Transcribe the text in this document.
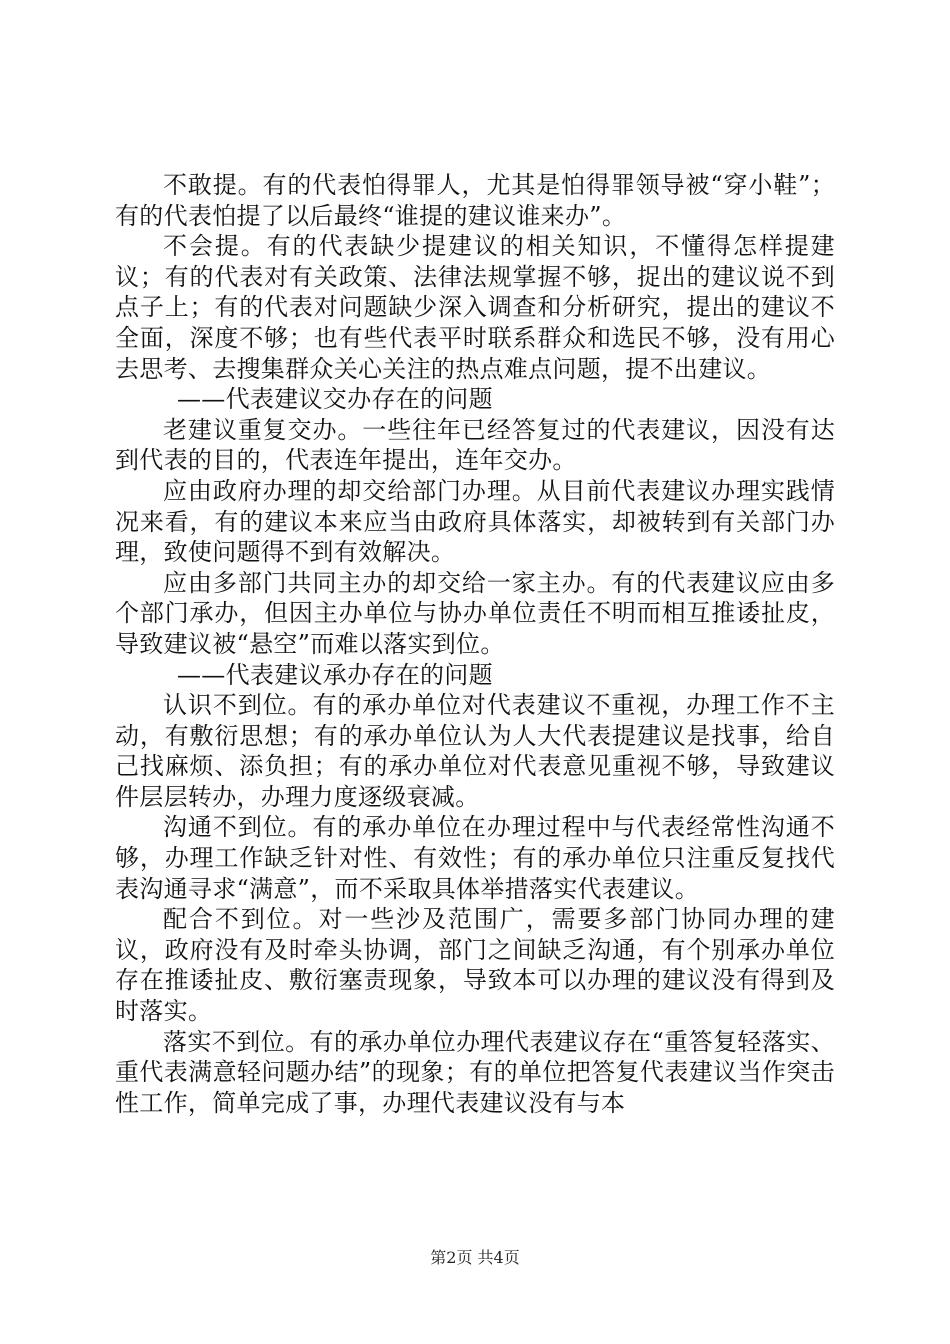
不敢提。有的代表怕得罪人，尤其是怕得罪领导被“穿小鞋”；有的代表怕提了以后最终“谁提的建议谁来办”。

不会提。有的代表缺少提建议的相关知识，不懂得怎样提建议；有的代表对有关政策、法律法规掌握不够，捉出的建议说不到点子上；有的代表对问题缺少深入调查和分析研究，提出的建议不全面，深度不够；也有些代表平时联系群众和选民不够，没有用心去思考、去搜集群众关心关注的热点难点问题，提不出建议。

——代表建议交办存在的问题

老建议重复交办。一些往年已经答复过的代表建议，因没有达到代表的目的，代表连年提出，连年交办。

应由政府办理的却交给部门办理。从目前代表建议办理实践情况来看，有的建议本来应当由政府具体落实，却被转到有关部门办理，致使问题得不到有效解决。

应由多部门共同主办的却交给一家主办。有的代表建议应由多个部门承办，但因主办单位与协办单位责任不明而相互推诿扯皮，导致建议被“悬空”而难以落实到位。

——代表建议承办存在的问题

认识不到位。有的承办单位对代表建议不重视，办理工作不主动，有敷衍思想；有的承办单位认为人大代表提建议是找事，给自己找麻烦、添负担；有的承办单位对代表意见重视不够，导致建议件层层转办，办理力度逐级衰减。

沟通不到位。有的承办单位在办理过程中与代表经常性沟通不够，办理工作缺乏针对性、有效性；有的承办单位只注重反复找代表沟通寻求“满意”，而不采取具体举措落实代表建议。

配合不到位。对一些沙及范围广，需要多部门协同办理的建议，政府没有及时牵头协调，部门之间缺乏沟通，有个别承办单位存在推诿扯皮、敷衍塞责现象，导致本可以办理的建议没有得到及时落实。

落实不到位。有的承办单位办理代表建议存在“重答复轻落实、重代表满意轻问题办结”的现象；有的单位把答复代表建议当作突击性工作，简单完成了事，办理代表建议没有与本

第2页 共4页
